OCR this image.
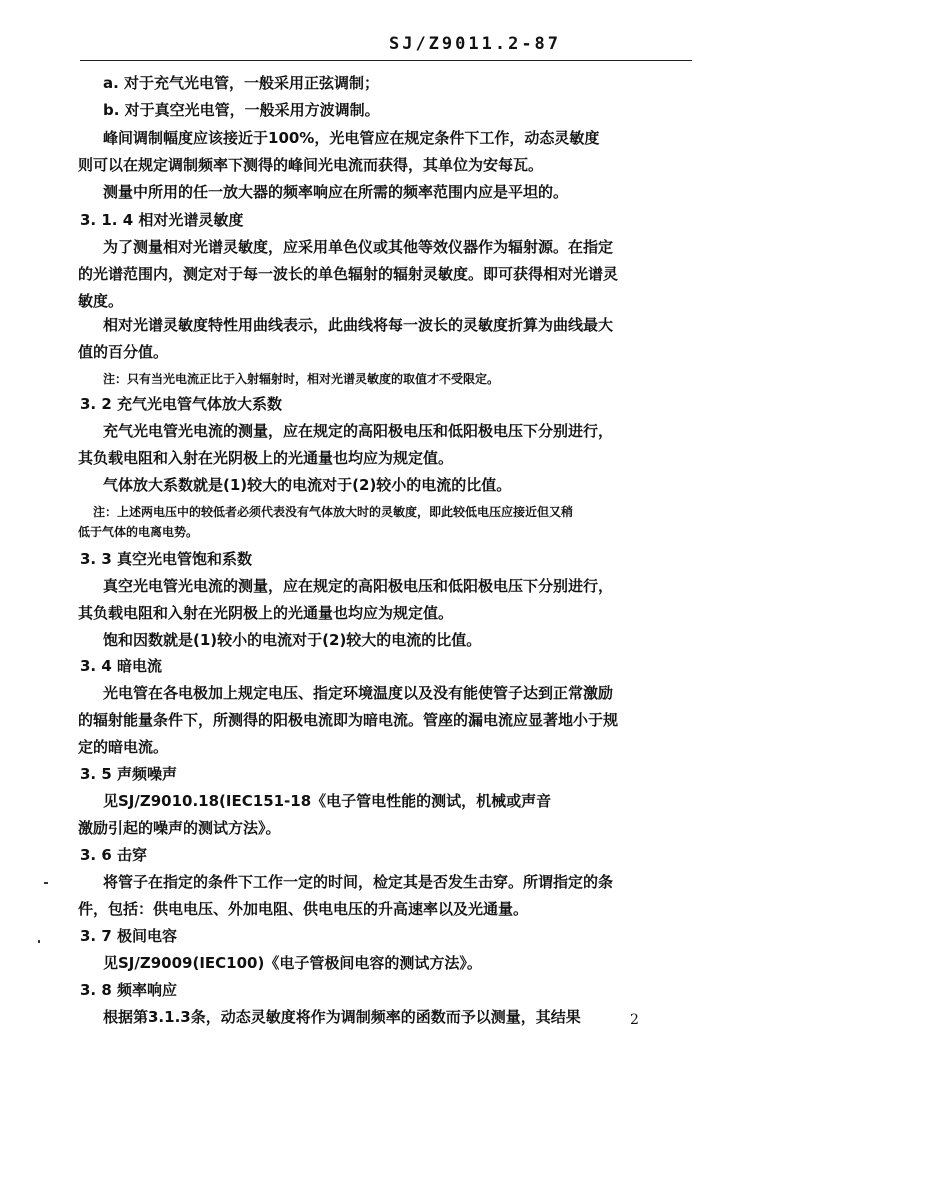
SJ/Z9011.2-87
a. 对于充气光电管，一般采用正弦调制；
b. 对于真空光电管，一般采用方波调制。
峰间调制幅度应该接近于100%，光电管应在规定条件下工作，动态灵敏度
则可以在规定调制频率下测得的峰间光电流而获得，其单位为安每瓦。
测量中所用的任一放大器的频率响应在所需的频率范围内应是平坦的。
3. 1. 4 相对光谱灵敏度
为了测量相对光谱灵敏度，应采用单色仪或其他等效仪器作为辐射源。在指定
的光谱范围内，测定对于每一波长的单色辐射的辐射灵敏度。即可获得相对光谱灵
敏度。
相对光谱灵敏度特性用曲线表示，此曲线将每一波长的灵敏度折算为曲线最大
值的百分值。
注：只有当光电流正比于入射辐射时，相对光谱灵敏度的取值才不受限定。
3. 2 充气光电管气体放大系数
充气光电管光电流的测量，应在规定的高阳极电压和低阳极电压下分别进行，
其负载电阻和入射在光阴极上的光通量也均应为规定值。
气体放大系数就是(1)较大的电流对于(2)较小的电流的比值。
注：上述两电压中的较低者必须代表没有气体放大时的灵敏度，即此较低电压应接近但又稍
低于气体的电离电势。
3. 3 真空光电管饱和系数
真空光电管光电流的测量，应在规定的高阳极电压和低阳极电压下分别进行，
其负载电阻和入射在光阴极上的光通量也均应为规定值。
饱和因数就是(1)较小的电流对于(2)较大的电流的比值。
3. 4 暗电流
光电管在各电极加上规定电压、指定环境温度以及没有能使管子达到正常激励
的辐射能量条件下，所测得的阳极电流即为暗电流。管座的漏电流应显著地小于规
定的暗电流。
3. 5 声频噪声
见SJ/Z9010.18(IEC151-18《电子管电性能的测试，机械或声音
激励引起的噪声的测试方法》。
3. 6 击穿
将管子在指定的条件下工作一定的时间，检定其是否发生击穿。所谓指定的条
件，包括：供电电压、外加电阻、供电电压的升高速率以及光通量。
3. 7 极间电容
见SJ/Z9009(IEC100)《电子管极间电容的测试方法》。
3. 8 频率响应
根据第3.1.3条，动态灵敏度将作为调制频率的函数而予以测量，其结果	2
